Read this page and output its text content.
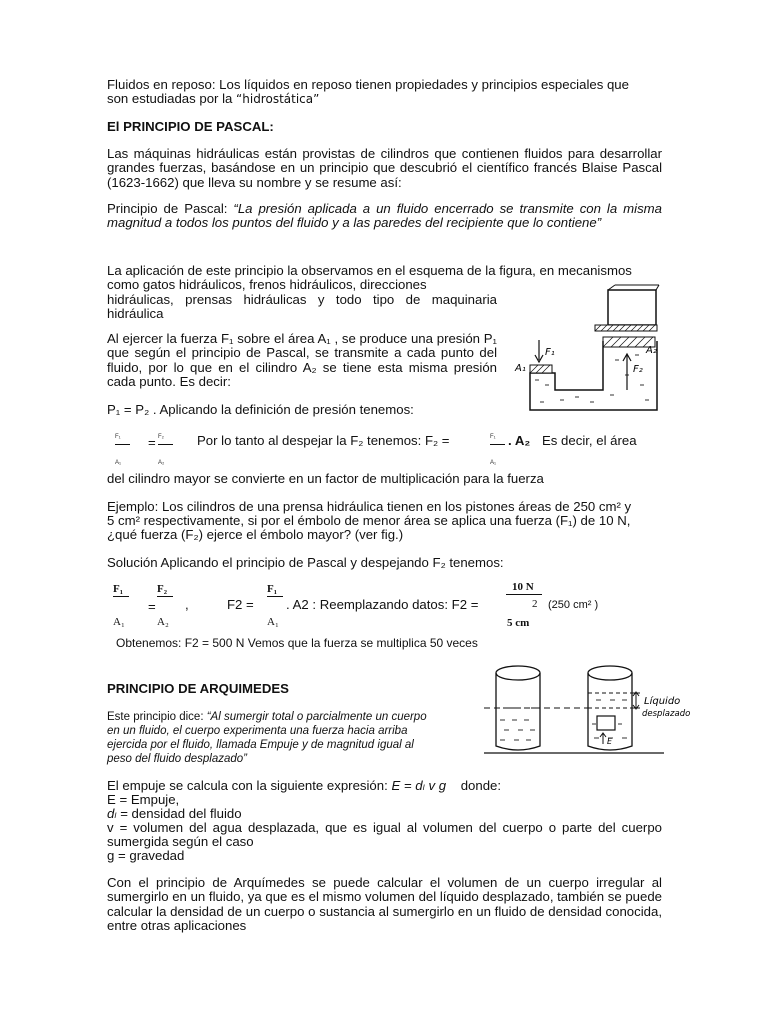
Fluidos en reposo: Los líquidos en reposo tienen propiedades y principios especiales que
son estudiadas por la “hidrostática”
El PRINCIPIO DE PASCAL:

Las máquinas hidráulicas están provistas de cilindros que contienen fluidos para desarrollar grandes fuerzas, basándose en un principio que descubrió el científico francés Blaise Pascal (1623-1662) que lleva su nombre y se resume así:

Principio de Pascal: “La presión aplicada a un fluido encerrado se transmite con la misma magnitud a todos los puntos del fluido y a las paredes del recipiente que lo contiene”

La aplicación de este principio la observamos en el esquema de la figura, en mecanismos
como gatos hidráulicos, frenos hidráulicos, direcciones
hidráulicas, prensas hidráulicas y todo tipo de maquinaria
hidráulica

Al ejercer la fuerza F₁ sobre el área A₁ , se produce una presión P₁ que según el principio de Pascal, se transmite a cada punto del fluido, por lo que en el cilindro A₂ se tiene esta misma presión cada punto. Es decir:

F₁
A₁	F₂
A₂
P₁ = P₂ . Aplicando la definición de presión tenemos:
F₁
A₁
= F₂
A₂
Por lo tanto al despejar la F₂ tenemos: F₂ =	F₁
A₁
. A₂ Es decir, el área
del cilindro mayor se convierte en un factor de multiplicación para la fuerza
Ejemplo: Los cilindros de una prensa hidráulica tienen en los pistones áreas de 250 cm² y
5 cm² respectivamente, si por el émbolo de menor área se aplica una fuerza (F₁) de 10 N,
¿qué fuerza (F₂) ejerce el émbolo mayor? (ver fig.)
Solución Aplicando el principio de Pascal y despejando F₂ tenemos:
F₁
A₁
=
F₂
A₂
,	F2 =
F₁
A₁
. A2 : Reemplazando datos: F2 =
10 N
2
5 cm
(250 cm² )
Obtenemos: F2 = 500 N Vemos que la fuerza se multiplica 50 veces
PRINCIPIO DE ARQUIMEDES

Este principio dice: “Al sumergir total o parcialmente un cuerpo en un fluido, el cuerpo experimenta una fuerza hacia arriba ejercida por el fluido, llamada Empuje y de magnitud igual al peso del fluido desplazado”

E
Líquido
desplazado
El empuje se calcula con la siguiente expresión: E = dₗ v g donde:
E = Empuje,
dₗ = densidad del fluido

v = volumen del agua desplazada, que es igual al volumen del cuerpo o parte del cuerpo sumergida según el caso

g = gravedad

Con el principio de Arquímedes se puede calcular el volumen de un cuerpo irregular al sumergirlo en un fluido, ya que es el mismo volumen del líquido desplazado, también se puede calcular la densidad de un cuerpo o sustancia al sumergirlo en un fluido de densidad conocida, entre otras aplicaciones
